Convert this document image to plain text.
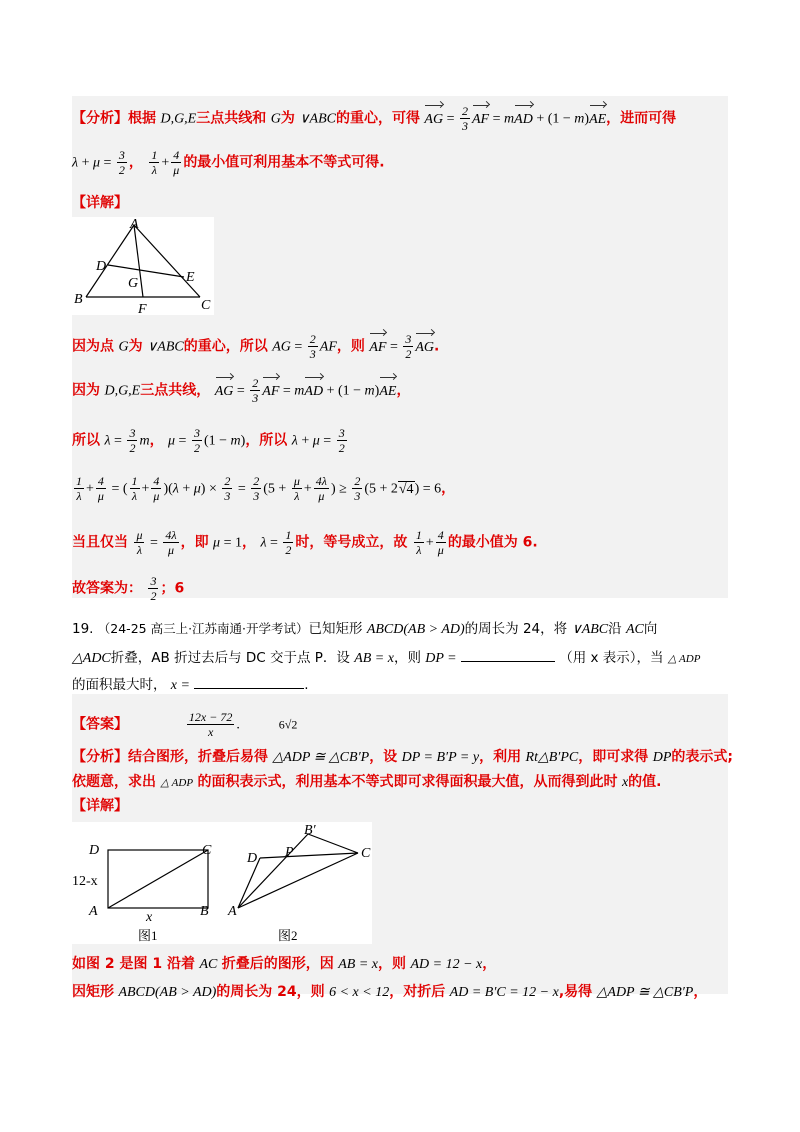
【分析】根据 D,G,E三点共线和 G为 ∨ABC的重心，可得 AG = $\frac{2}{3}$ AF = mAD + (1 − m)AE，进而可得
$\lambda + \mu = \frac{3}{2}$ ， $\frac{1}{\lambda} + \frac{4}{\mu}$ 的最小值可利用基本不等式可得.
【详解】
A
D
E
G
B
F	C
因为点 G为 ∨ABC的重心，所以 AG = $\frac{2}{3}$ AF，则 AF = $\frac{3}{2}$ AG.
因为 D,G,E三点共线， AG = $\frac{2}{3}$ AF = mAD + (1 − m)AE，
所以 $\lambda = \frac{3}{2}$ m， $\mu = \frac{3}{2} (1 - m)$，所以 $\lambda + \mu = \frac{3}{2}$
$\frac{1}{\lambda} + \frac{4}{\mu}$ = ( $\frac{1}{\lambda} + \frac{4}{\mu} )(\lambda + \mu) \times \frac{2}{3} = \frac{2}{3} (5 + \frac{\mu}{\lambda} + \frac{4\lambda}{\mu}$ ) ≥ $\frac{2}{3} (5 + 2√4) = 6$，
当且仅当 $\frac{\mu}{\lambda} = \frac{4\lambda}{\mu}$ ，即 μ = 1， $\lambda = \frac{1}{2}$ 时，等号成立，故 $\frac{1}{\lambda} + \frac{4}{\mu}$ 的最小值为 6.
故答案为： $\frac{3}{2}$ ；6
19. （24-25 高三上·江苏南通·开学考试）已知矩形 ABCD(AB > AD)的周长为 24，将 ∨ABC沿 AC向
△ADC折叠，AB 折过去后与 DC 交于点 P．设 AB = x，则 DP =	（用 x 表示），当 △ ADP
的面积最大时， x =	.
【答案】	$\frac{12x - 72}{x}$ .	6√2
【分析】结合图形，折叠后易得 △ADP ≅ △CB′P，设 DP = B′P = y，利用 Rt△B′PC，即可求得 DP的表示式;
依题意，求出 △ ADP 的面积表示式，利用基本不等式即可求得面积最大值，从而得到此时 x的值.
【详解】
D	C
12-x
A	x	B
图1
B′
D P	C
A
图2
如图 2 是图 1 沿着 AC 折叠后的图形，因 AB = x，则 AD = 12 − x，
因矩形 ABCD(AB > AD)的周长为 24，则 6 < x < 12，对折后 AD = B′C = 12 − x,易得 △ADP ≅ △CB′P，
